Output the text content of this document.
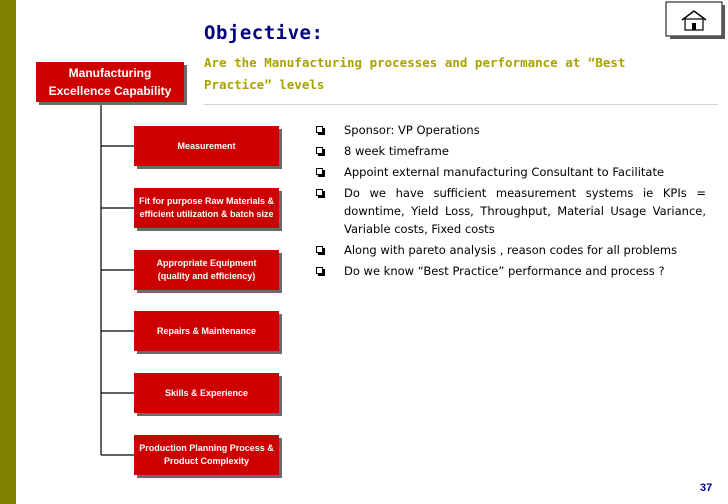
Objective:

Are the Manufacturing processes and performance at “Best Practice” levels

Manufacturing
Excellence Capability
Measurement
Fit for purpose Raw Materials &
efficient utilization & batch size
Appropriate Equipment
(quality and efficiency)
Repairs & Maintenance
Skills & Experience
Production Planning Process &
Product Complexity
Sponsor: VP Operations
8 week timeframe
Appoint external manufacturing Consultant to Facilitate
Do we have sufficient measurement systems ie KPIs = downtime, Yield Loss, Throughput, Material Usage Variance, Variable costs, Fixed costs
Along with pareto analysis , reason codes for all problems
Do we know “Best Practice” performance and process ?

37
